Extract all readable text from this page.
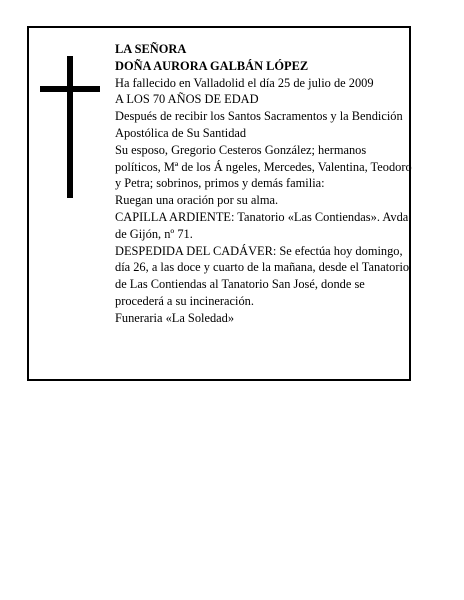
LA SEÑORA

DOÑA AURORA GALBÁN LÓPEZ

Ha fallecido en Valladolid el día 25 de julio de 2009

A LOS 70 AÑOS DE EDAD

Después de recibir los Santos Sacramentos y la Bendición Apostólica de Su Santidad

Su esposo, Gregorio Cesteros González; hermanos políticos, Mª de los Á ngeles, Mercedes, Valentina, Teodoro y Petra; sobrinos, primos y demás familia:

Ruegan una oración por su alma.

CAPILLA ARDIENTE: Tanatorio «Las Contiendas». Avda. de Gijón, nº 71.

DESPEDIDA DEL CADÁVER: Se efectúa hoy domingo, día 26, a las doce y cuarto de la mañana, desde el Tanatorio de Las Contiendas al Tanatorio San José, donde se procederá a su incineración.

Funeraria «La Soledad»
